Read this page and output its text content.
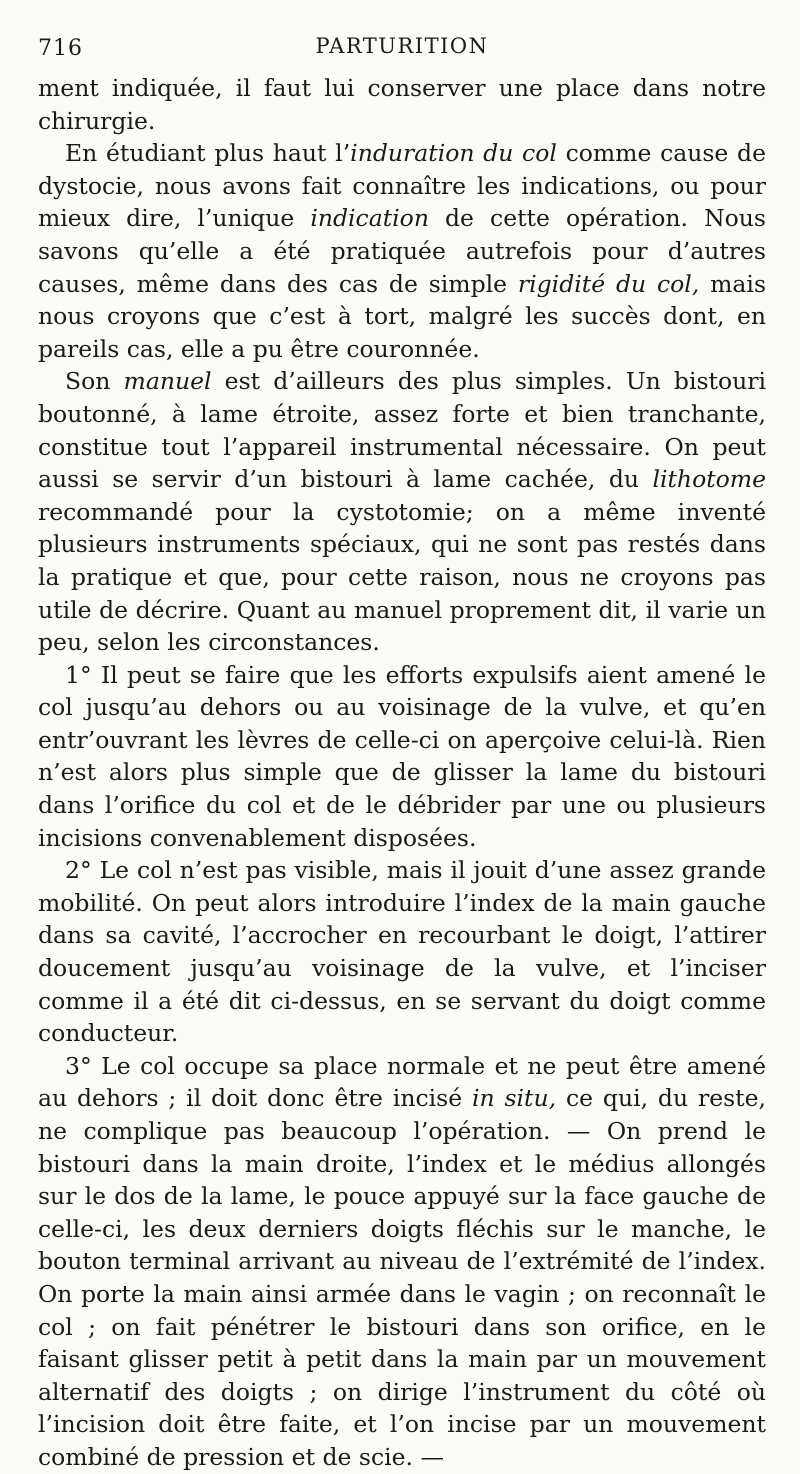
716	PARTURITION

ment indiquée, il faut lui conserver une place dans notre chirurgie.

En étudiant plus haut l’induration du col comme cause de dystocie, nous avons fait connaître les indications, ou pour mieux dire, l’unique indication de cette opération. Nous savons qu’elle a été pratiquée autrefois pour d’autres causes, même dans des cas de simple rigidité du col, mais nous croyons que c’est à tort, malgré les succès dont, en pareils cas, elle a pu être couronnée.

Son manuel est d’ailleurs des plus simples. Un bistouri boutonné, à lame étroite, assez forte et bien tranchante, constitue tout l’appareil instrumental nécessaire. On peut aussi se servir d’un bistouri à lame cachée, du lithotome recommandé pour la cystotomie; on a même inventé plusieurs instruments spéciaux, qui ne sont pas restés dans la pratique et que, pour cette raison, nous ne croyons pas utile de décrire. Quant au manuel proprement dit, il varie un peu, selon les circonstances.

1° Il peut se faire que les efforts expulsifs aient amené le col jusqu’au dehors ou au voisinage de la vulve, et qu’en entr’ouvrant les lèvres de celle-ci on aperçoive celui-là. Rien n’est alors plus simple que de glisser la lame du bistouri dans l’orifice du col et de le débrider par une ou plusieurs incisions convenablement disposées.

2° Le col n’est pas visible, mais il jouit d’une assez grande mobilité. On peut alors introduire l’index de la main gauche dans sa cavité, l’accrocher en recourbant le doigt, l’attirer doucement jusqu’au voisinage de la vulve, et l’inciser comme il a été dit ci-dessus, en se servant du doigt comme conducteur.

3° Le col occupe sa place normale et ne peut être amené au dehors ; il doit donc être incisé in situ, ce qui, du reste, ne complique pas beaucoup l’opération. — On prend le bistouri dans la main droite, l’index et le médius allongés sur le dos de la lame, le pouce appuyé sur la face gauche de celle-ci, les deux derniers doigts fléchis sur le manche, le bouton terminal arrivant au niveau de l’extrémité de l’index. On porte la main ainsi armée dans le vagin ; on reconnaît le col ; on fait pénétrer le bistouri dans son orifice, en le faisant glisser petit à petit dans la main par un mouvement alternatif des doigts ; on dirige l’instrument du côté où l’incision doit être faite, et l’on incise par un mouvement combiné de pression et de scie. —
